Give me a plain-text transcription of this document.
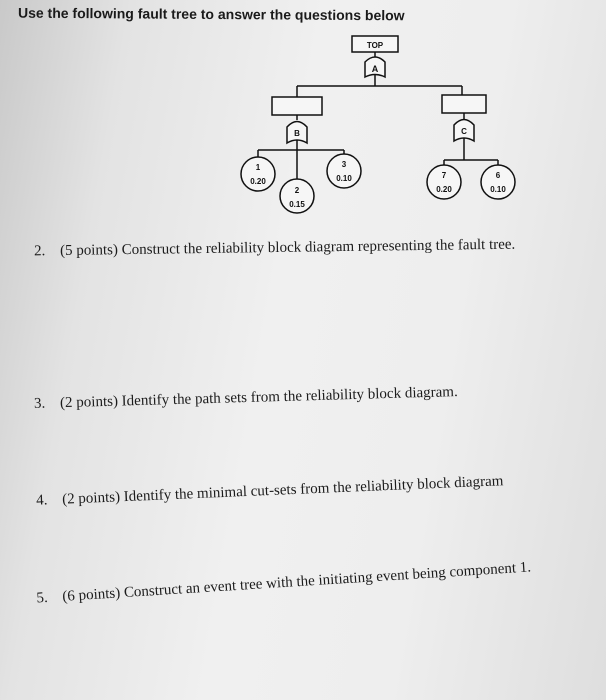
Use the following fault tree to answer the questions below
TOP
A
B	C
1
0.20
2
0.15
3
0.10	7
0.20
6
0.10
2. (5 points) Construct the reliability block diagram representing the fault tree.
3. (2 points) Identify the path sets from the reliability block diagram.
4. (2 points) Identify the minimal cut-sets from the reliability block diagram
5. (6 points) Construct an event tree with the initiating event being component 1.
